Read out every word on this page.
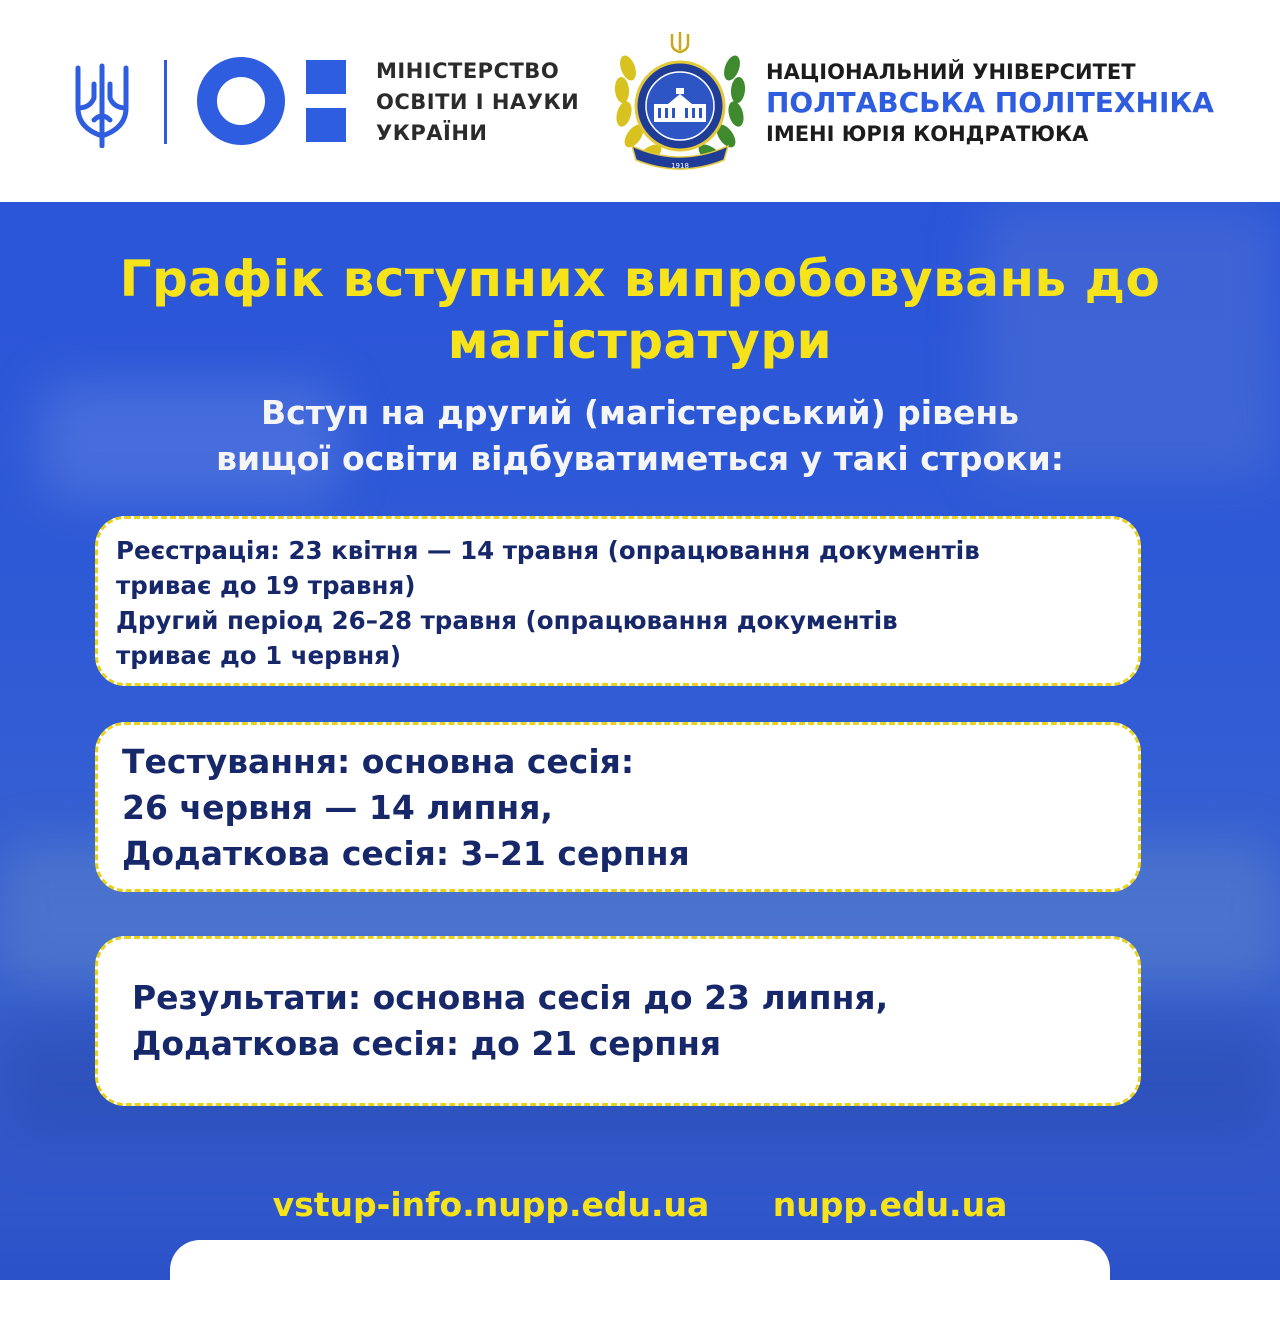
МІНІСТЕРСТВО
ОСВІТИ І НАУКИ
УКРАЇНИ
1918
НАЦІОНАЛЬНИЙ УНІВЕРСИТЕТ
ПОЛТАВСЬКА ПОЛІТЕХНІКА
ІМЕНІ ЮРІЯ КОНДРАТЮКА
Графік вступних випробовувань до
магістратури
Вступ на другий (магістерський) рівень
вищої освіти відбуватиметься у такі строки:
Реєстрація: 23 квітня — 14 травня (опрацювання документів
триває до 19 травня)
Другий період 26–28 травня (опрацювання документів
триває до 1 червня)
Тестування: основна сесія:
26 червня — 14 липня,
Додаткова сесія: 3–21 серпня
Результати: основна сесія до 23 липня,
Додаткова сесія: до 21 серпня
vstup-info.nupp.edu.ua nupp.edu.ua
